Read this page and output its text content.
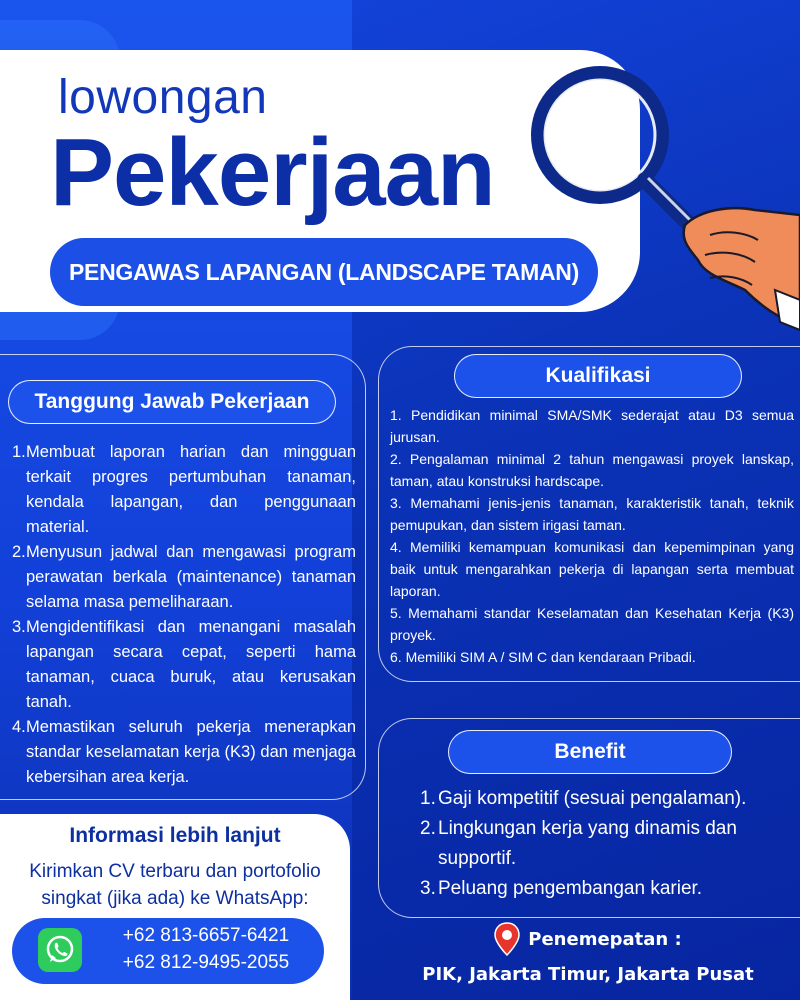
lowongan
Pekerjaan
PENGAWAS LAPANGAN (LANDSCAPE TAMAN)
Tanggung Jawab Pekerjaan
1. Membuat laporan harian dan mingguan terkait progres pertumbuhan tanaman, kendala lapangan, dan penggunaan material.
2. Menyusun jadwal dan mengawasi program perawatan berkala (maintenance) tanaman selama masa pemeliharaan.
3. Mengidentifikasi dan menangani masalah lapangan secara cepat, seperti hama tanaman, cuaca buruk, atau kerusakan tanah.
4. Memastikan seluruh pekerja menerapkan standar keselamatan kerja (K3) dan menjaga kebersihan area kerja.
Kualifikasi
1. Pendidikan minimal SMA/SMK sederajat atau D3 semua jurusan.
2. Pengalaman minimal 2 tahun mengawasi proyek lanskap, taman, atau konstruksi hardscape.
3. Memahami jenis-jenis tanaman, karakteristik tanah, teknik pemupukan, dan sistem irigasi taman.
4. Memiliki kemampuan komunikasi dan kepemimpinan yang baik untuk mengarahkan pekerja di lapangan serta membuat laporan.
5. Memahami standar Keselamatan dan Kesehatan Kerja (K3) proyek.
6. Memiliki SIM A / SIM C dan kendaraan Pribadi.
Benefit
1. Gaji kompetitif (sesuai pengalaman).
2. Lingkungan kerja yang dinamis dan supportif.
3. Peluang pengembangan karier.
Informasi lebih lanjut
Kirimkan CV terbaru dan portofolio singkat (jika ada) ke WhatsApp:
+62 813-6657-6421
+62 812-9495-2055
Penemepatan :
PIK, Jakarta Timur, Jakarta Pusat
